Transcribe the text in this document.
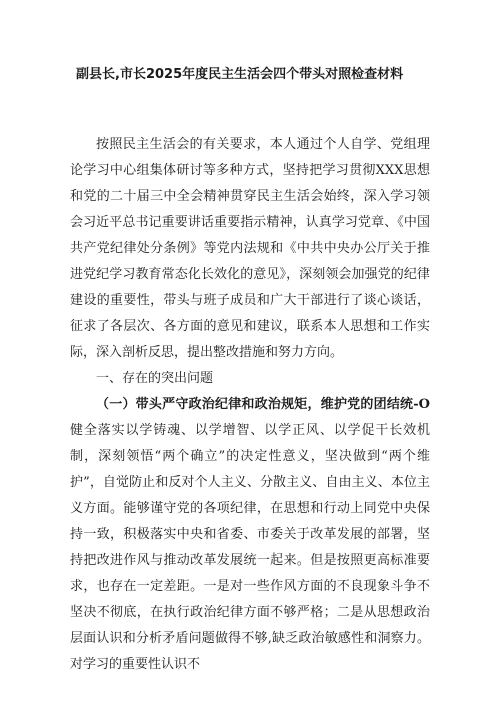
副县长,市长2025年度民主生活会四个带头对照检查材料

按照民主生活会的有关要求，本人通过个人自学、党组理论学习中心组集体研讨等多种方式，坚持把学习贯彻XXX思想和党的二十届三中全会精神贯穿民主生活会始终，深入学习领会习近平总书记重要讲话重要指示精神，认真学习党章、《中国共产党纪律处分条例》等党内法规和《中共中央办公厅关于推进党纪学习教育常态化长效化的意见》，深刻领会加强党的纪律建设的重要性，带头与班子成员和广大干部进行了谈心谈话，征求了各层次、各方面的意见和建议，联系本人思想和工作实际，深入剖析反思，提出整改措施和努力方向。

一、存在的突出问题

（一）带头严守政治纪律和政治规矩，维护党的团结统-O健全落实以学铸魂、以学增智、以学正风、以学促干长效机制，深刻领悟“两个确立”的决定性意义，坚决做到“两个维护”，自觉防止和反对个人主义、分散主义、自由主义、本位主义方面。能够谨守党的各项纪律，在思想和行动上同党中央保持一致，积极落实中央和省委、市委关于改革发展的部署，坚持把改进作风与推动改革发展统一起来。但是按照更高标准要求，也存在一定差距。一是对一些作风方面的不良现象斗争不坚决不彻底，在执行政治纪律方面不够严格；二是从思想政治层面认识和分析矛盾问题做得不够,缺乏政治敏感性和洞察力。对学习的重要性认识不
